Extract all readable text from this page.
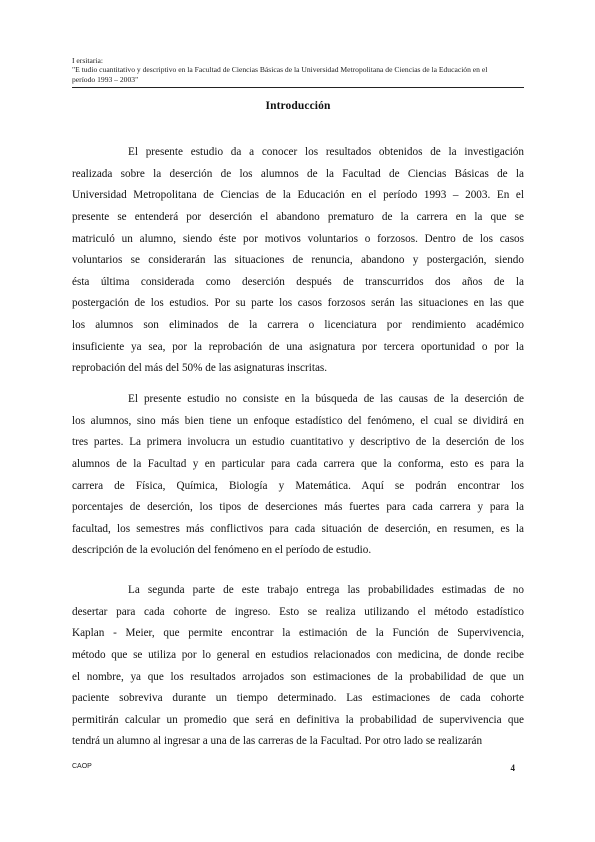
I ersitaria:
"E tudio cuantitativo y descriptivo en la Facultad de Ciencias Básicas de la Universidad Metropolitana de Ciencias de la Educación en el
período 1993 – 2003"
Introducción
El presente estudio da a conocer los resultados obtenidos de la investigación
realizada sobre la deserción de los alumnos de la Facultad de Ciencias Básicas de la
Universidad Metropolitana de Ciencias de la Educación en el período 1993 – 2003. En el
presente se entenderá por deserción el abandono prematuro de la carrera en la que se
matriculó un alumno, siendo éste por motivos voluntarios o forzosos. Dentro de los casos
voluntarios se considerarán las situaciones de renuncia, abandono y postergación, siendo
ésta última considerada como deserción después de transcurridos dos años de la
postergación de los estudios. Por su parte los casos forzosos serán las situaciones en las que
los alumnos son eliminados de la carrera o licenciatura por rendimiento académico
insuficiente ya sea, por la reprobación de una asignatura por tercera oportunidad o por la
reprobación del más del 50% de las asignaturas inscritas.
El presente estudio no consiste en la búsqueda de las causas de la deserción de
los alumnos, sino más bien tiene un enfoque estadístico del fenómeno, el cual se dividirá en
tres partes. La primera involucra un estudio cuantitativo y descriptivo de la deserción de los
alumnos de la Facultad y en particular para cada carrera que la conforma, esto es para la
carrera de Física, Química, Biología y Matemática. Aquí se podrán encontrar los
porcentajes de deserción, los tipos de deserciones más fuertes para cada carrera y para la
facultad, los semestres más conflictivos para cada situación de deserción, en resumen, es la
descripción de la evolución del fenómeno en el período de estudio.
La segunda parte de este trabajo entrega las probabilidades estimadas de no
desertar para cada cohorte de ingreso. Esto se realiza utilizando el método estadístico
Kaplan - Meier, que permite encontrar la estimación de la Función de Supervivencia,
método que se utiliza por lo general en estudios relacionados con medicina, de donde recibe
el nombre, ya que los resultados arrojados son estimaciones de la probabilidad de que un
paciente sobreviva durante un tiempo determinado. Las estimaciones de cada cohorte
permitirán calcular un promedio que será en definitiva la probabilidad de supervivencia que
tendrá un alumno al ingresar a una de las carreras de la Facultad. Por otro lado se realizarán
CAOP	4
